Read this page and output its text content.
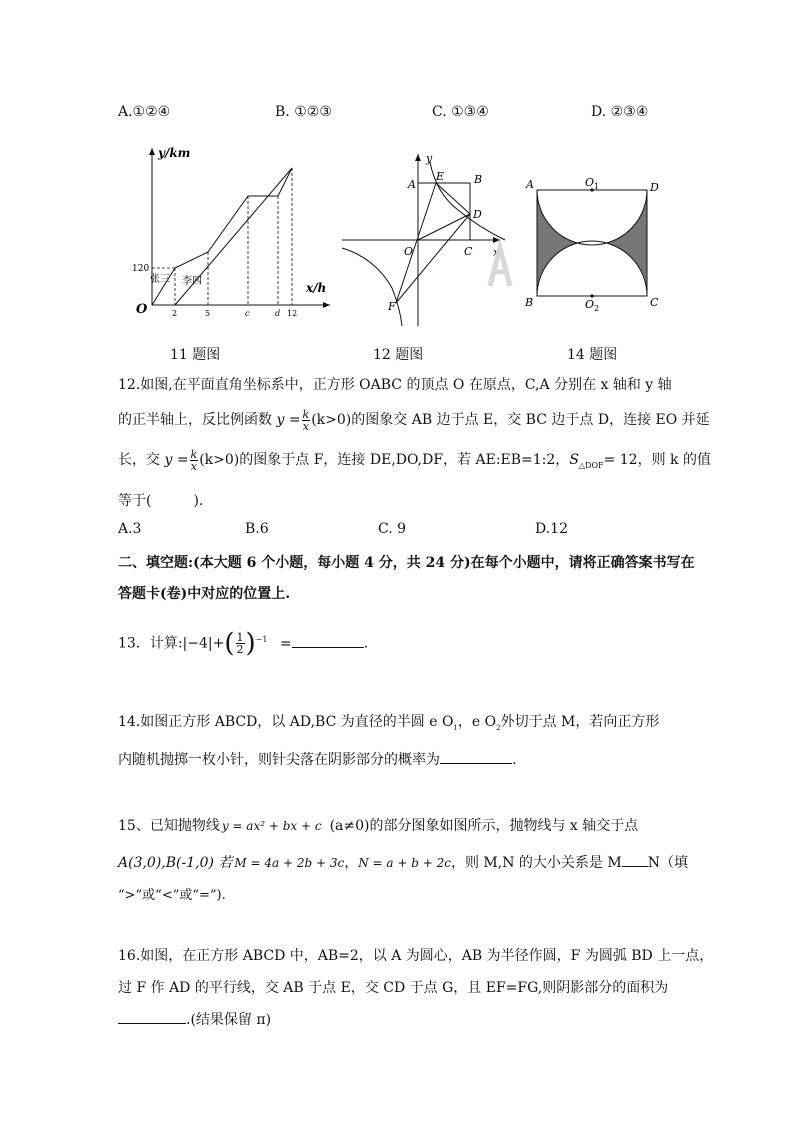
A.①②④	B. ①②③	C. ①③④	D. ②③④
y/km
x/h
O
120
张三 李四
2	5	c	d 12
11 题图
y
x
A
E	B
D
O	C
F
12 题图
A	O 1	D
B	O 2	C
14 题图
12.如图,在平面直角坐标系中，正方形 OABC 的顶点 O 在原点，C,A 分别在 x 轴和 y 轴
的正半轴上，反比例函数 $y = \frac{k}{x} (k>0)$的图象交 AB 边于点 E，交 BC 边于点 D，连接 EO 并延
长，交 $y = \frac{k}{x} (k>0)$的图象于点 F，连接 DE,DO,DF，若 AE:EB=1:2，$S_{\triangle DOF}= 12$，则 k 的值
等于(　　　).
A.3	B.6	C. 9	D.12
二、填空题:(本大题 6 个小题，每小题 4 分，共 24 分)在每个小题中，请将正确答案书写在
答题卡(卷)中对应的位置上.
13．计算:|−4|+( $\frac{1}{2} )^{-1}$ =	.
14.如图正方形 ABCD，以 AD,BC 为直径的半圆 e $O_1$，e $O_2$外切于点 M，若向正方形
内随机抛掷一枚小针，则针尖落在阴影部分的概率为	.
15、已知抛物线 y = ax² + bx + c (a≠0)的部分图象如图所示，抛物线与 x 轴交于点
A(3,0),B(-1,0) 若 M = 4a + 2b + 3c，N = a + b + 2c，则 M,N 的大小关系是 M N（填
“>”或“<”或“=”).
16.如图，在正方形 ABCD 中，AB=2，以 A 为圆心，AB 为半径作圆，F 为圆弧 BD 上一点，
过 F 作 AD 的平行线，交 AB 于点 E，交 CD 于点 G，且 EF=FG,则阴影部分的面积为
.(结果保留 π)
